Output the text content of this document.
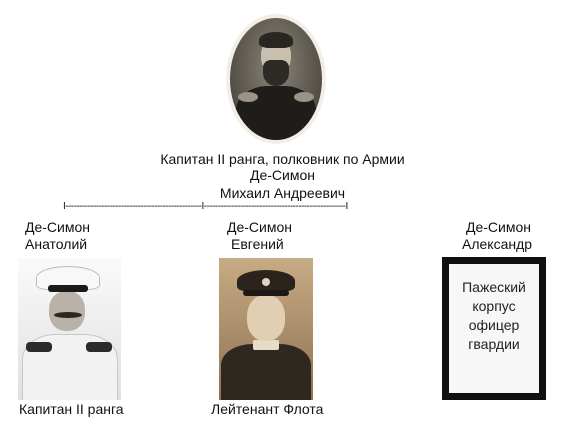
Капитан II ранга, полковник по Армии
Де-Симон
Михаил Андреевич
I-------------------------------------------------I---------------------------------------------------I
Де-Симон
Анатолий
Капитан II ранга
Де-Симон
Евгений
Лейтенант Флота
Де-Симон
Александр
Пажеский
корпус
офицер
гвардии
